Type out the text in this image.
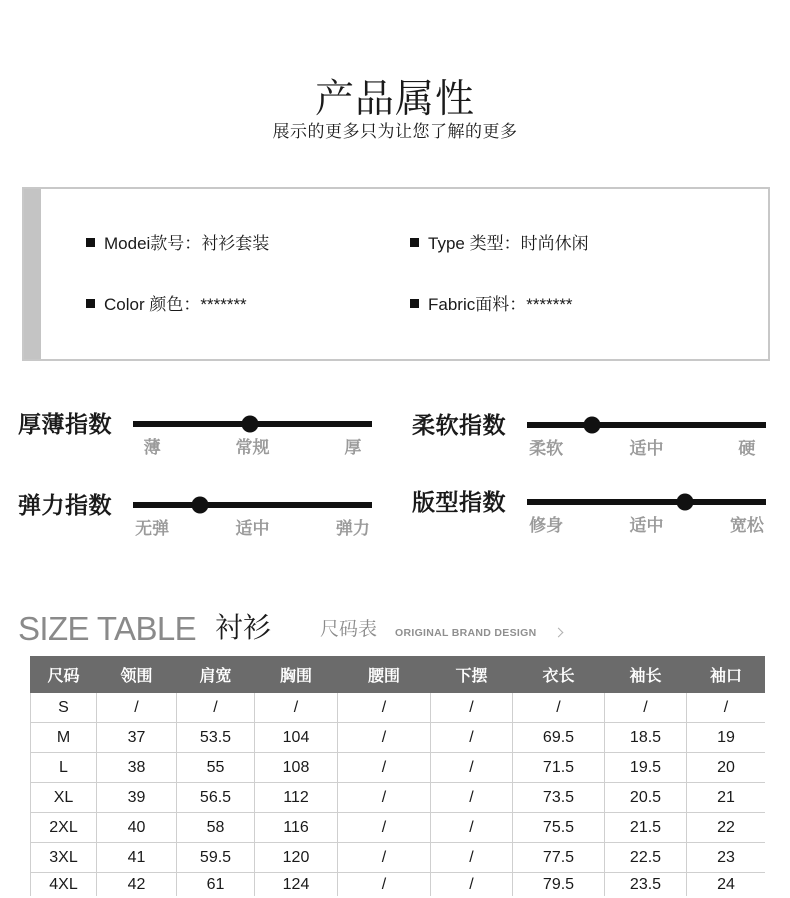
产品属性
展示的更多只为让您了解的更多
Modei款号：衬衫套装	Type 类型：时尚休闲
Color 颜色：*******	Fabric面料：*******
厚薄指数
薄	常规	厚
柔软指数
柔软	适中	硬
弹力指数
无弹	适中	弹力
版型指数
修身	适中	宽松
SIZE TABLE 衬衫	尺码表 ORIGINAL BRAND DESIGN
尺码	领围	肩宽	胸围	腰围	下摆	衣长	袖长	袖口
S	/	/	/	/	/	/	/	/
M	37	53.5	104	/	/	69.5	18.5	19
L	38	55	108	/	/	71.5	19.5	20
XL	39	56.5	112	/	/	73.5	20.5	21
2XL	40	58	116	/	/	75.5	21.5	22
3XL	41	59.5	120	/	/	77.5	22.5	23
4XL	42	61	124	/	/	79.5	23.5	24
